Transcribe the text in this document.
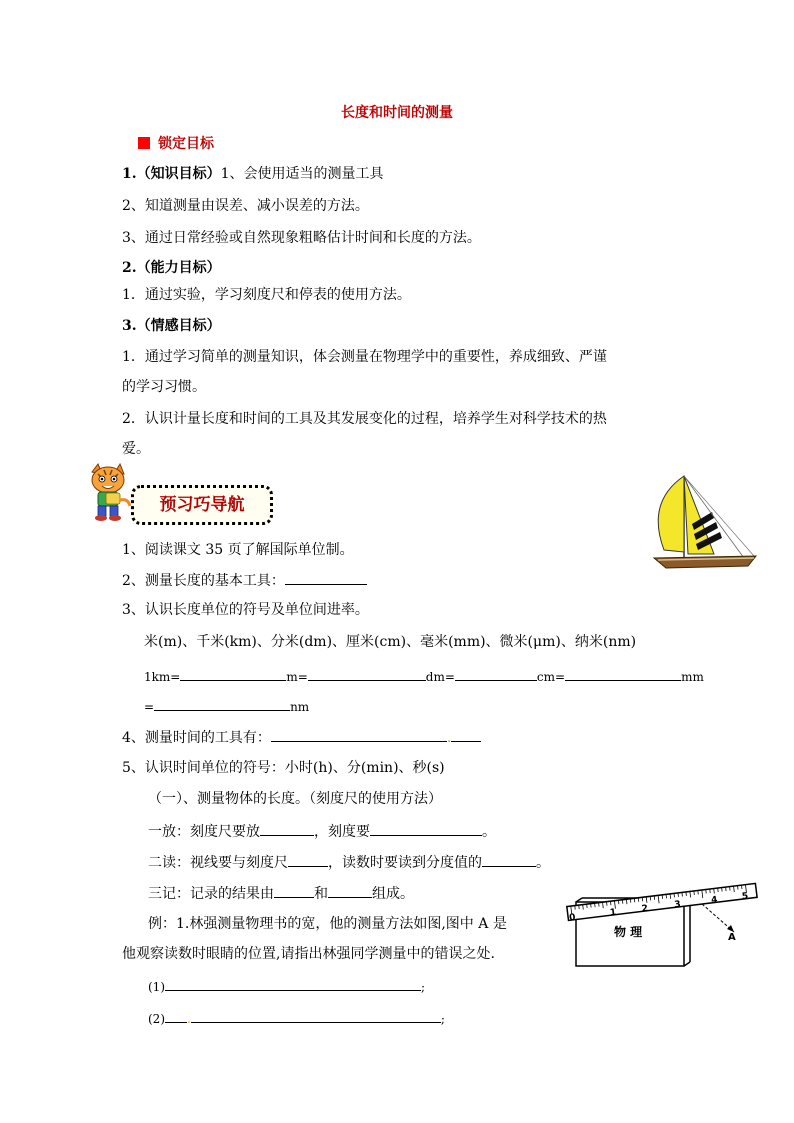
长度和时间的测量
锁定目标
1.（知识目标）1、会使用适当的测量工具
2、知道测量由误差、减小误差的方法。
3、通过日常经验或自然现象粗略估计时间和长度的方法。
2.（能力目标）
1．通过实验，学习刻度尺和停表的使用方法。
3.（情感目标）
1．通过学习简单的测量知识，体会测量在物理学中的重要性，养成细致、严谨
的学习习惯。
2．认识计量长度和时间的工具及其发展变化的过程，培养学生对科学技术的热
爱。
预习巧导航
1、阅读课文 35 页了解国际单位制。
2、测量长度的基本工具：
3、认识长度单位的符号及单位间进率。
米(m)、千米(km)、分米(dm)、厘米(cm)、毫米(mm)、微米(μm)、纳米(nm)
1km=	m=	dm=	cm=	mm
=	nm
4、测量时间的工具有：	.
5、认识时间单位的符号：小时(h)、分(min)、秒(s)
（一）、测量物体的长度。（刻度尺的使用方法）
一放：刻度尺要放	，刻度要	。
二读：视线要与刻度尺	，读数时要读到分度值的	。
三记：记录的结果由	和	组成。
例：1.林强测量物理书的宽，他的测量方法如图,图中 A 是
他观察读数时眼睛的位置,请指出林强同学测量中的错误之处.
(1)	;
(2) .	;
0	1	2	3	4	5
物 理	A
